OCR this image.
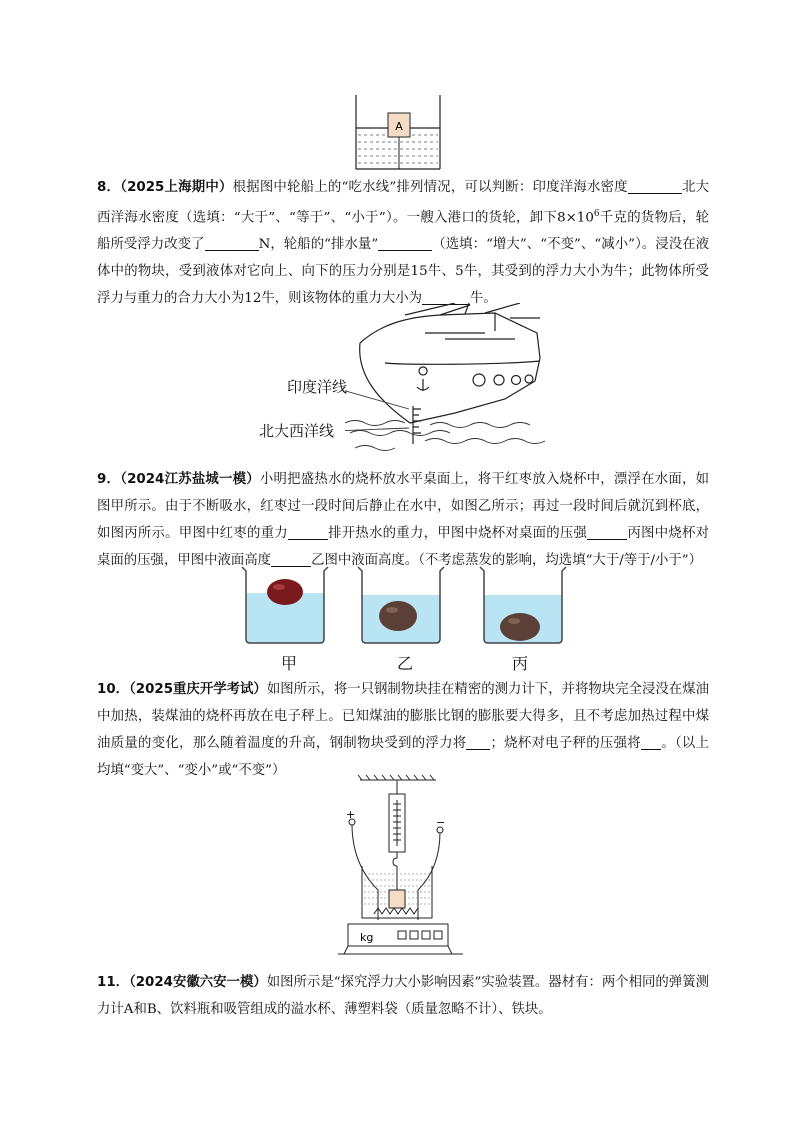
A

8．（2025上海期中）根据图中轮船上的“吃水线”排列情况，可以判断：印度洋海水密度	北大西洋海水密度（选填：“大于”、“等于”、“小于”）。一艘入港口的货轮，卸下$8\times 10^6$千克的货物后，轮船所受浮力改变了	N，轮船的“排水量”	（选填：“增大”、“不变”、“减小”）。浸没在液体中的物块，受到液体对它向上、向下的压力分别是15牛、5牛，其受到的浮力大小为牛；此物体所受浮力与重力的合力大小为12牛，则该物体的重力大小为	牛。

印度洋线
北大西洋线

9．（2024江苏盐城一模）小明把盛热水的烧杯放水平桌面上，将干红枣放入烧杯中，漂浮在水面，如图甲所示。由于不断吸水，红枣过一段时间后静止在水中，如图乙所示；再过一段时间后就沉到杯底，如图丙所示。甲图中红枣的重力	排开热水的重力，甲图中烧杯对桌面的压强	丙图中烧杯对桌面的压强，甲图中液面高度	乙图中液面高度。（不考虑蒸发的影响，均选填“大于/等于/小于”）

甲	乙	丙

10．（2025重庆开学考试）如图所示，将一只钢制物块挂在精密的测力计下，并将物块完全浸没在煤油中加热，装煤油的烧杯再放在电子秤上。已知煤油的膨胀比钢的膨胀要大得多，且不考虑加热过程中煤油质量的变化，那么随着温度的升高，钢制物块受到的浮力将 ；烧杯对电子秤的压强将 。（以上均填“变大”、“变小”或“不变”）

+
−
kg

11．（2024安徽六安一模）如图所示是“探究浮力大小影响因素”实验装置。器材有：两个相同的弹簧测力计A和B、饮料瓶和吸管组成的溢水杯、薄塑料袋（质量忽略不计）、铁块。
